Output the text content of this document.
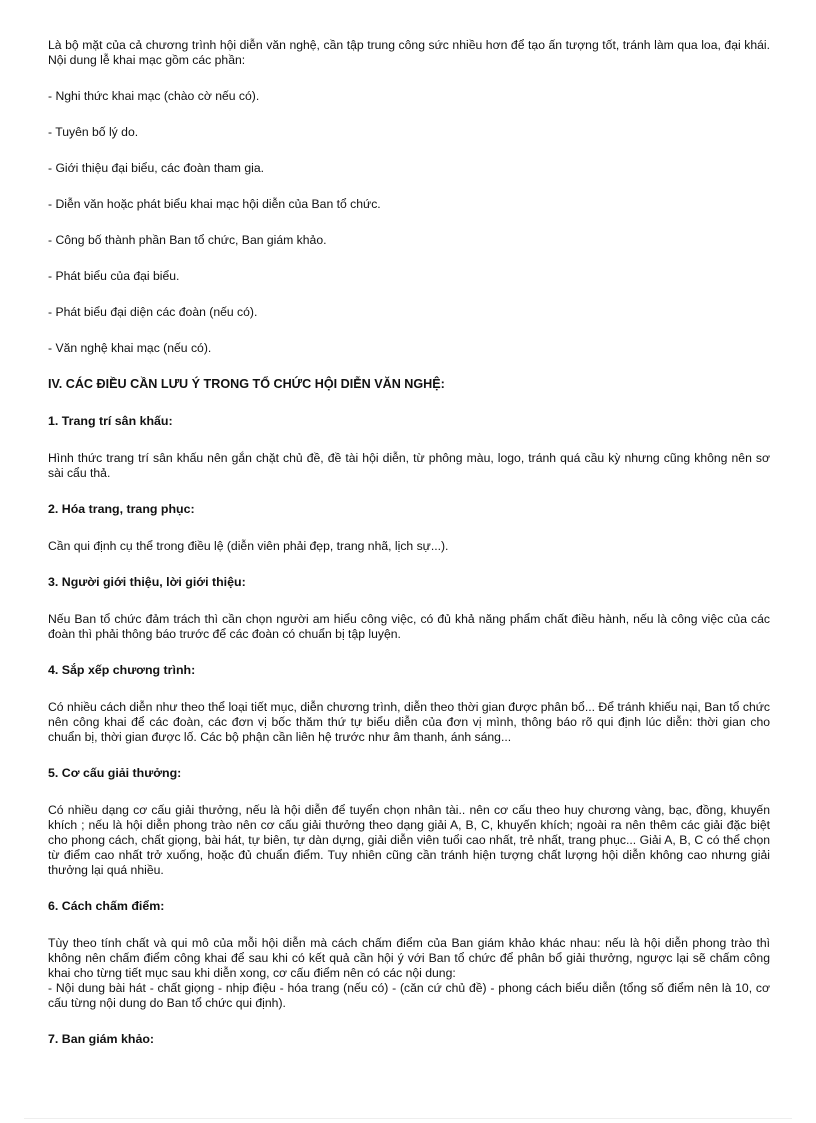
Là bộ mặt của cả chương trình hội diễn văn nghệ, cần tập trung công sức nhiều hơn để tạo ấn tượng tốt, tránh làm qua loa, đại khái. Nội dung lễ khai mạc gồm các phần:

- Nghi thức khai mạc (chào cờ nếu có).

- Tuyên bố lý do.

- Giới thiệu đại biểu, các đoàn tham gia.

- Diễn văn hoặc phát biểu khai mạc hội diễn của Ban tổ chức.

- Công bố thành phần Ban tổ chức, Ban giám khảo.

- Phát biểu của đại biểu.

- Phát biểu đại diện các đoàn (nếu có).

- Văn nghệ khai mạc (nếu có).

IV. CÁC ĐIỀU CẦN LƯU Ý TRONG TỔ CHỨC HỘI DIỄN VĂN NGHỆ:
1. Trang trí sân khấu:

Hình thức trang trí sân khấu nên gắn chặt chủ đề, đề tài hội diễn, từ phông màu, logo, tránh quá cầu kỳ nhưng cũng không nên sơ sài cẩu thả.

2. Hóa trang, trang phục:

Cần qui định cụ thể trong điều lệ (diễn viên phải đẹp, trang nhã, lịch sự...).

3. Người giới thiệu, lời giới thiệu:

Nếu Ban tổ chức đảm trách thì cần chọn người am hiểu công việc, có đủ khả năng phẩm chất điều hành, nếu là công việc của các đoàn thì phải thông báo trước để các đoàn có chuẩn bị tập luyện.

4. Sắp xếp chương trình:

Có nhiều cách diễn như theo thể loại tiết mục, diễn chương trình, diễn theo thời gian được phân bổ... Để tránh khiếu nại, Ban tổ chức nên công khai để các đoàn, các đơn vị bốc thăm thứ tự biểu diễn của đơn vị mình, thông báo rõ qui định lúc diễn: thời gian cho chuẩn bị, thời gian được lố. Các bộ phận cần liên hệ trước như âm thanh, ánh sáng...

5. Cơ cấu giải thưởng:

Có nhiều dạng cơ cấu giải thưởng, nếu là hội diễn để tuyển chọn nhân tài.. nên cơ cấu theo huy chương vàng, bạc, đồng, khuyến khích ; nếu là hội diễn phong trào nên cơ cấu giải thưởng theo dạng giải A, B, C, khuyến khích; ngoài ra nên thêm các giải đặc biệt cho phong cách, chất giọng, bài hát, tự biên, tự dàn dựng, giải diễn viên tuổi cao nhất, trẻ nhất, trang phục... Giải A, B, C có thể chọn từ điểm cao nhất trở xuống, hoặc đủ chuẩn điểm. Tuy nhiên cũng cần tránh hiện tượng chất lượng hội diễn không cao nhưng giải thưởng lại quá nhiều.

6. Cách chấm điểm:

Tùy theo tính chất và qui mô của mỗi hội diễn mà cách chấm điểm của Ban giám khảo khác nhau: nếu là hội diễn phong trào thì không nên chấm điểm công khai để sau khi có kết quả cần hội ý với Ban tổ chức để phân bổ giải thưởng, ngược lại sẽ chấm công khai cho từng tiết mục sau khi diễn xong, cơ cấu điểm nên có các nội dung:

- Nội dung bài hát - chất giọng - nhịp điệu - hóa trang (nếu có) - (căn cứ chủ đề) - phong cách biểu diễn (tổng số điểm nên là 10, cơ cấu từng nội dung do Ban tổ chức qui định).

7. Ban giám khảo:
